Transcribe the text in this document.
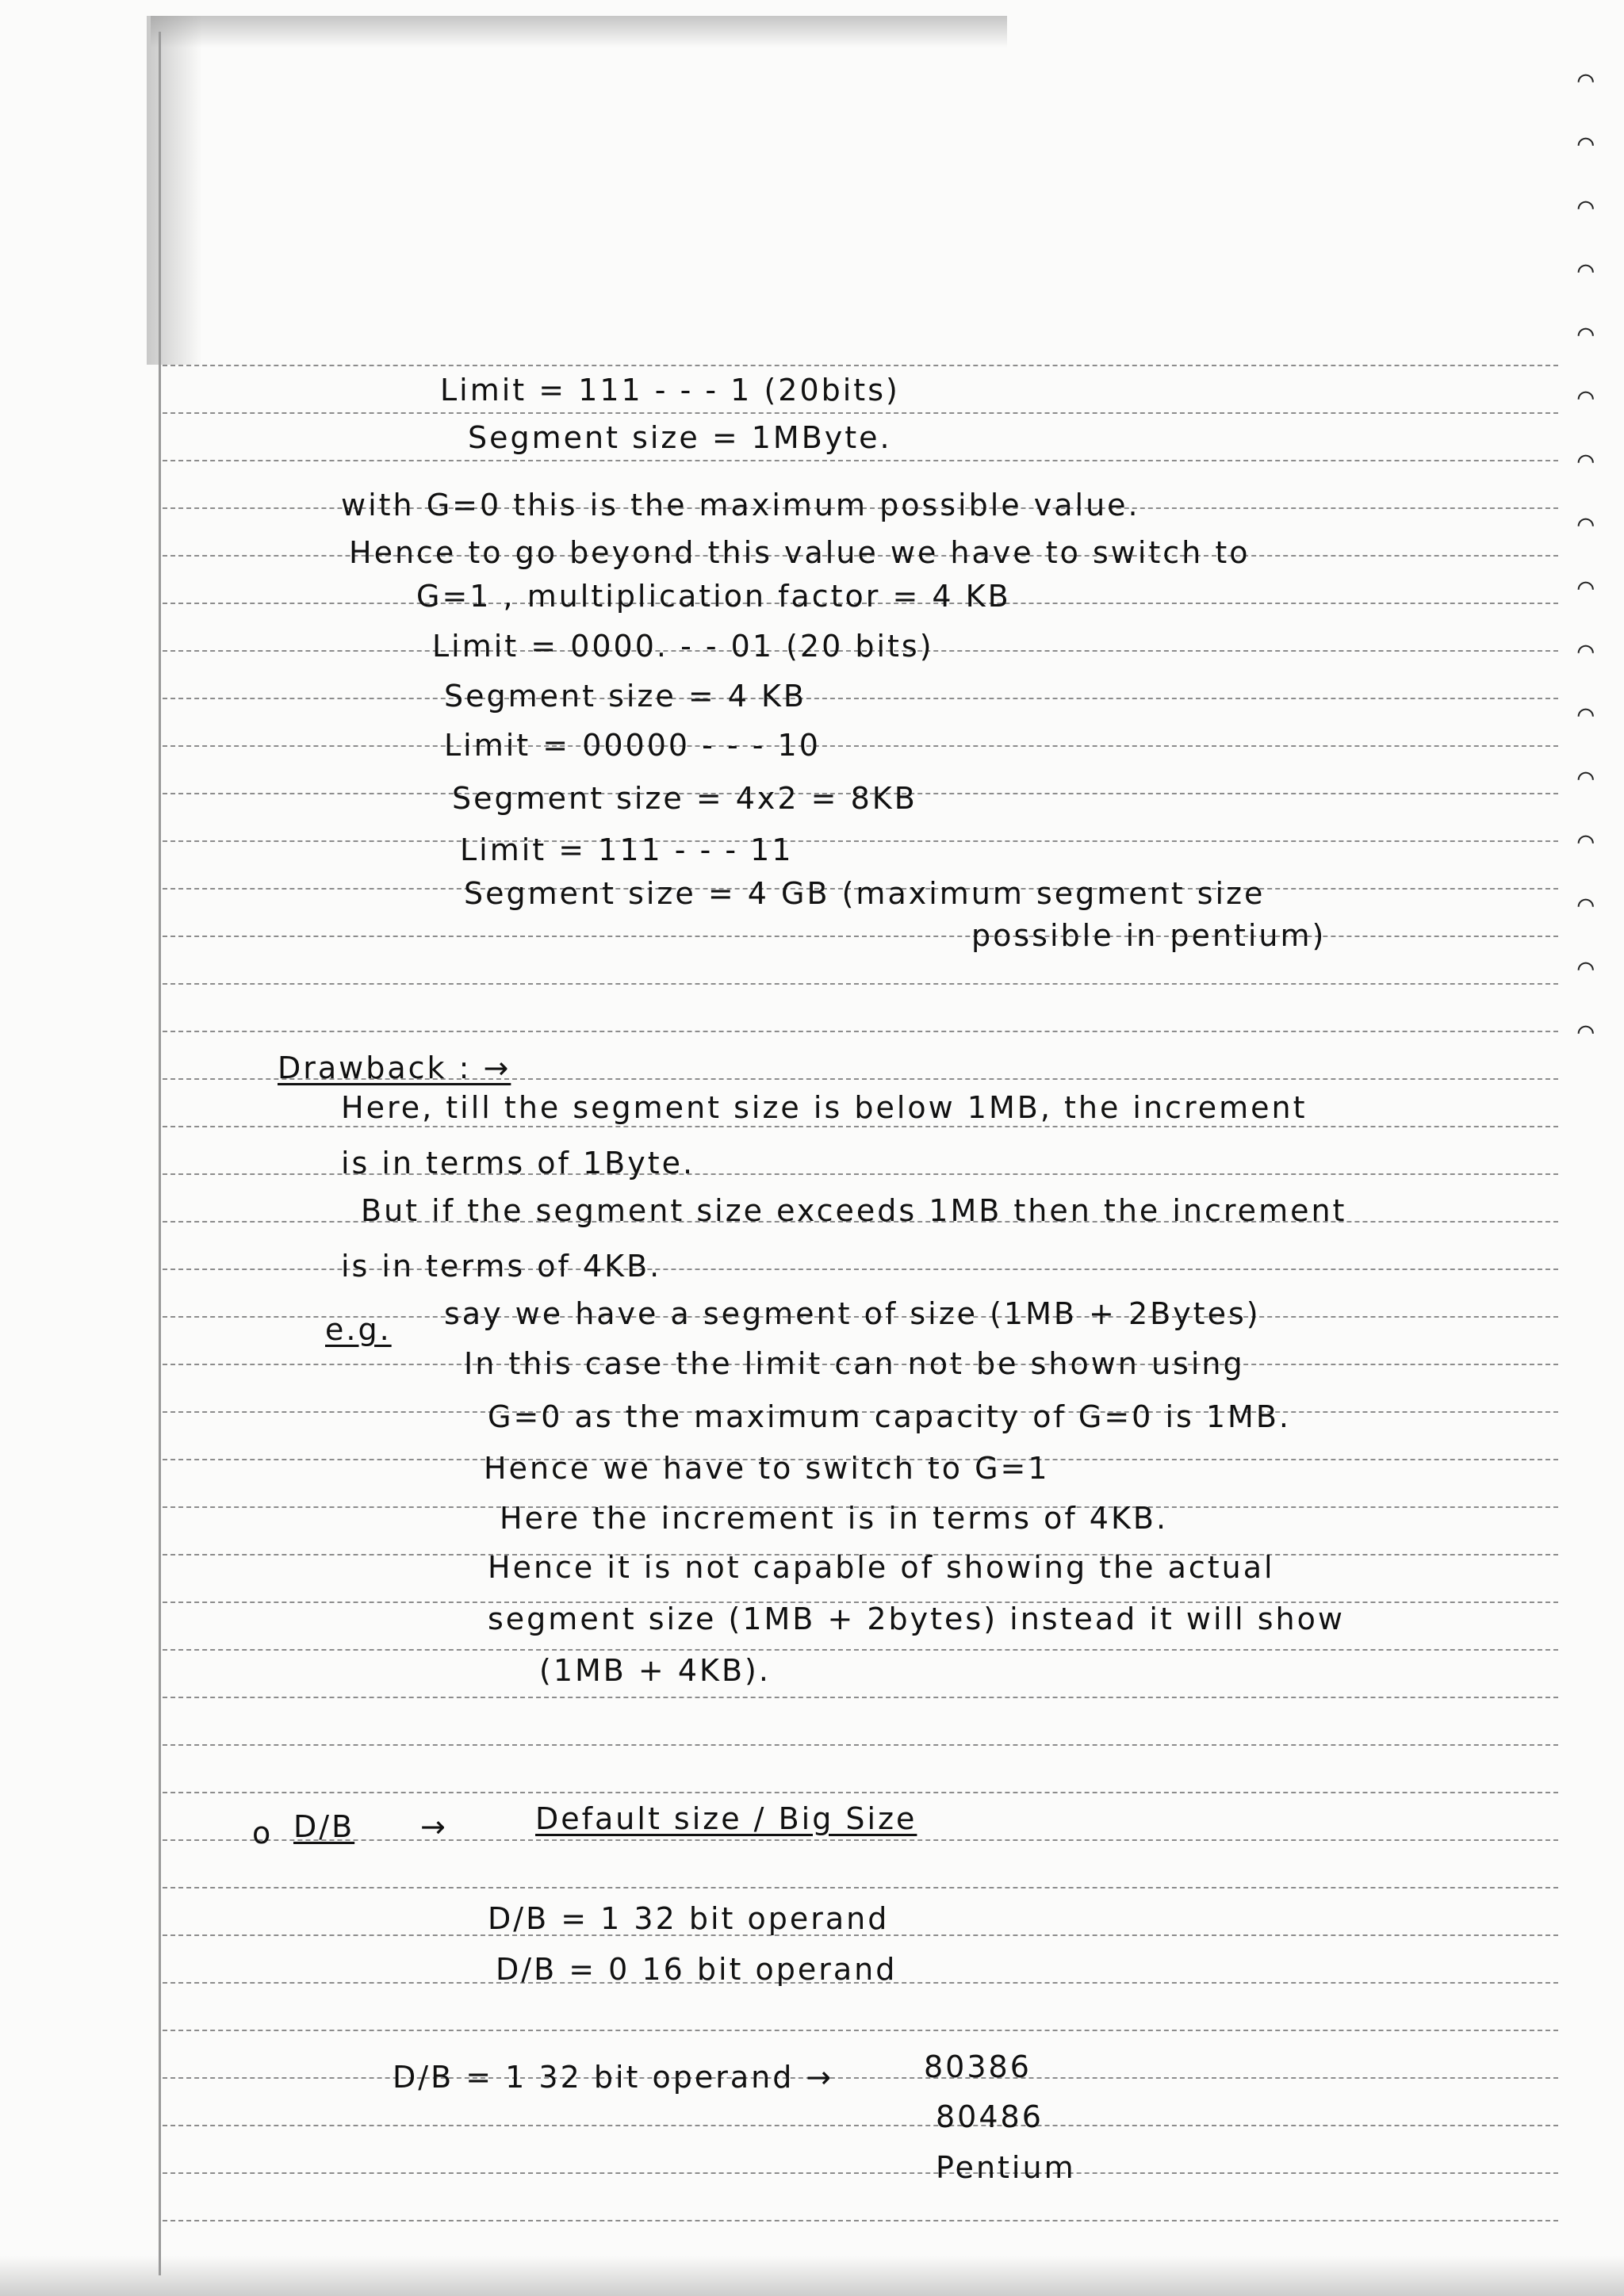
⌒
⌒
⌒
⌒
⌒
⌒
⌒
⌒
⌒
⌒
⌒
⌒
⌒
⌒
⌒
⌒
Limit = 111 - - - 1 (20bits)
Segment size = 1MByte.
with G=0 this is the maximum possible value.
Hence to go beyond this value we have to switch to
G=1 , multiplication factor = 4 KB
Limit = 0000. - - 01 (20 bits)
Segment size = 4 KB
Limit = 00000 - - - 10
Segment size = 4x2 = 8KB
Limit = 111 - - - 11
Segment size = 4 GB (maximum segment size
possible in pentium)
Drawback : →
Here, till the segment size is below 1MB, the increment
is in terms of 1Byte.
But if the segment size exceeds 1MB then the increment
is in terms of 4KB.
e.g. say we have a segment of size (1MB + 2Bytes)
In this case the limit can not be shown using
G=0 as the maximum capacity of G=0 is 1MB.
Hence we have to switch to G=1
Here the increment is in terms of 4KB.
Hence it is not capable of showing the actual
segment size (1MB + 2bytes) instead it will show
(1MB + 4KB).
o D/B →	Default size / Big Size
D/B = 1 32 bit operand
D/B = 0 16 bit operand
D/B = 1 32 bit operand →	80386
80486
Pentium
